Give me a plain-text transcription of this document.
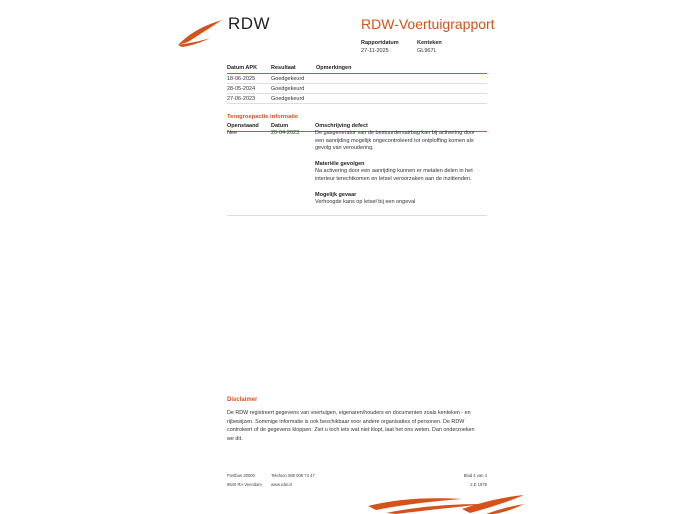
RDW	RDW-Voertuigrapport
Rapportdatum
27-11-2025
Kenteken
GL967L
Datum APK	Resultaat	Opmerkingen
18-06-2025	Goedgekeurd	
28-05-2024	Goedgekeurd	
27-06-2023	Goedgekeurd	
Terugroepactie informatie
Openstaand Datum	Omschrijving defect
Nee	20-04-2023	De gasgenerator van de bestuurdersairbag kan bij activering door
een aanrijding mogelijk ongecontroleerd tot ontploffing komen als
gevolg van veroudering.
Materiële gevolgen
Na activering door een aanrijding kunnen er metalen delen in het
interieur terechtkomen en letsel veroorzaken aan de inzittenden.
Mogelijk gevaar
Verhoogde kans op letsel bij een ongeval
Disclaimer
De RDW registreert gegevens van voertuigen, eigenaren/houders en documenten zoals kenteken - en
rijbewijzen. Sommige informatie is ook beschikbaar voor andere organisaties of personen. De RDW
controleert of de gegevens kloppen. Ziet u toch iets wat niet klopt, laat het ons weten. Dan onderzoeken
we dit.
Postbus 30000
9640 RA Veendam
Telefoon 088 008 74 47
www.rdw.nl
Blad 4 van 4
2.E 1978
